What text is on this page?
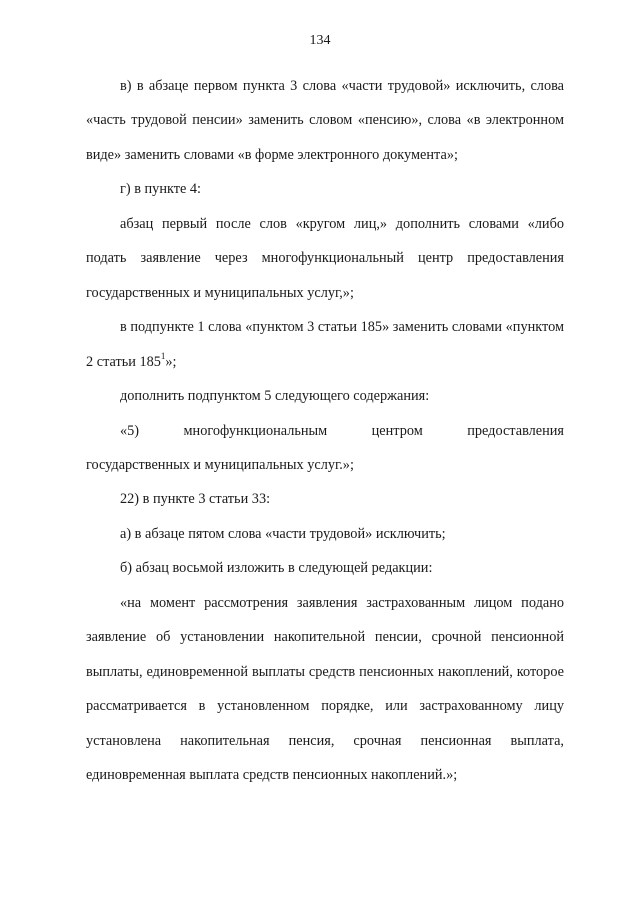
134

в) в абзаце первом пункта 3 слова «части трудовой» исключить, слова «часть трудовой пенсии» заменить словом «пенсию», слова «в электронном виде» заменить словами «в форме электронного документа»;

г) в пункте 4:

абзац первый после слов «кругом лиц,» дополнить словами «либо подать заявление через многофункциональный центр предоставления государственных и муниципальных услуг,»;

в подпункте 1 слова «пунктом 3 статьи 185» заменить словами «пунктом 2 статьи $185^1$»;

дополнить подпунктом 5 следующего содержания:

«5) многофункциональным центром предоставления

государственных и муниципальных услуг.»;

22) в пункте 3 статьи 33:

а) в абзаце пятом слова «части трудовой» исключить;

б) абзац восьмой изложить в следующей редакции:

«на момент рассмотрения заявления застрахованным лицом подано заявление об установлении накопительной пенсии, срочной пенсионной выплаты, единовременной выплаты средств пенсионных накоплений, которое рассматривается в установленном порядке, или застрахованному лицу установлена накопительная пенсия, срочная пенсионная выплата, единовременная выплата средств пенсионных накоплений.»;
